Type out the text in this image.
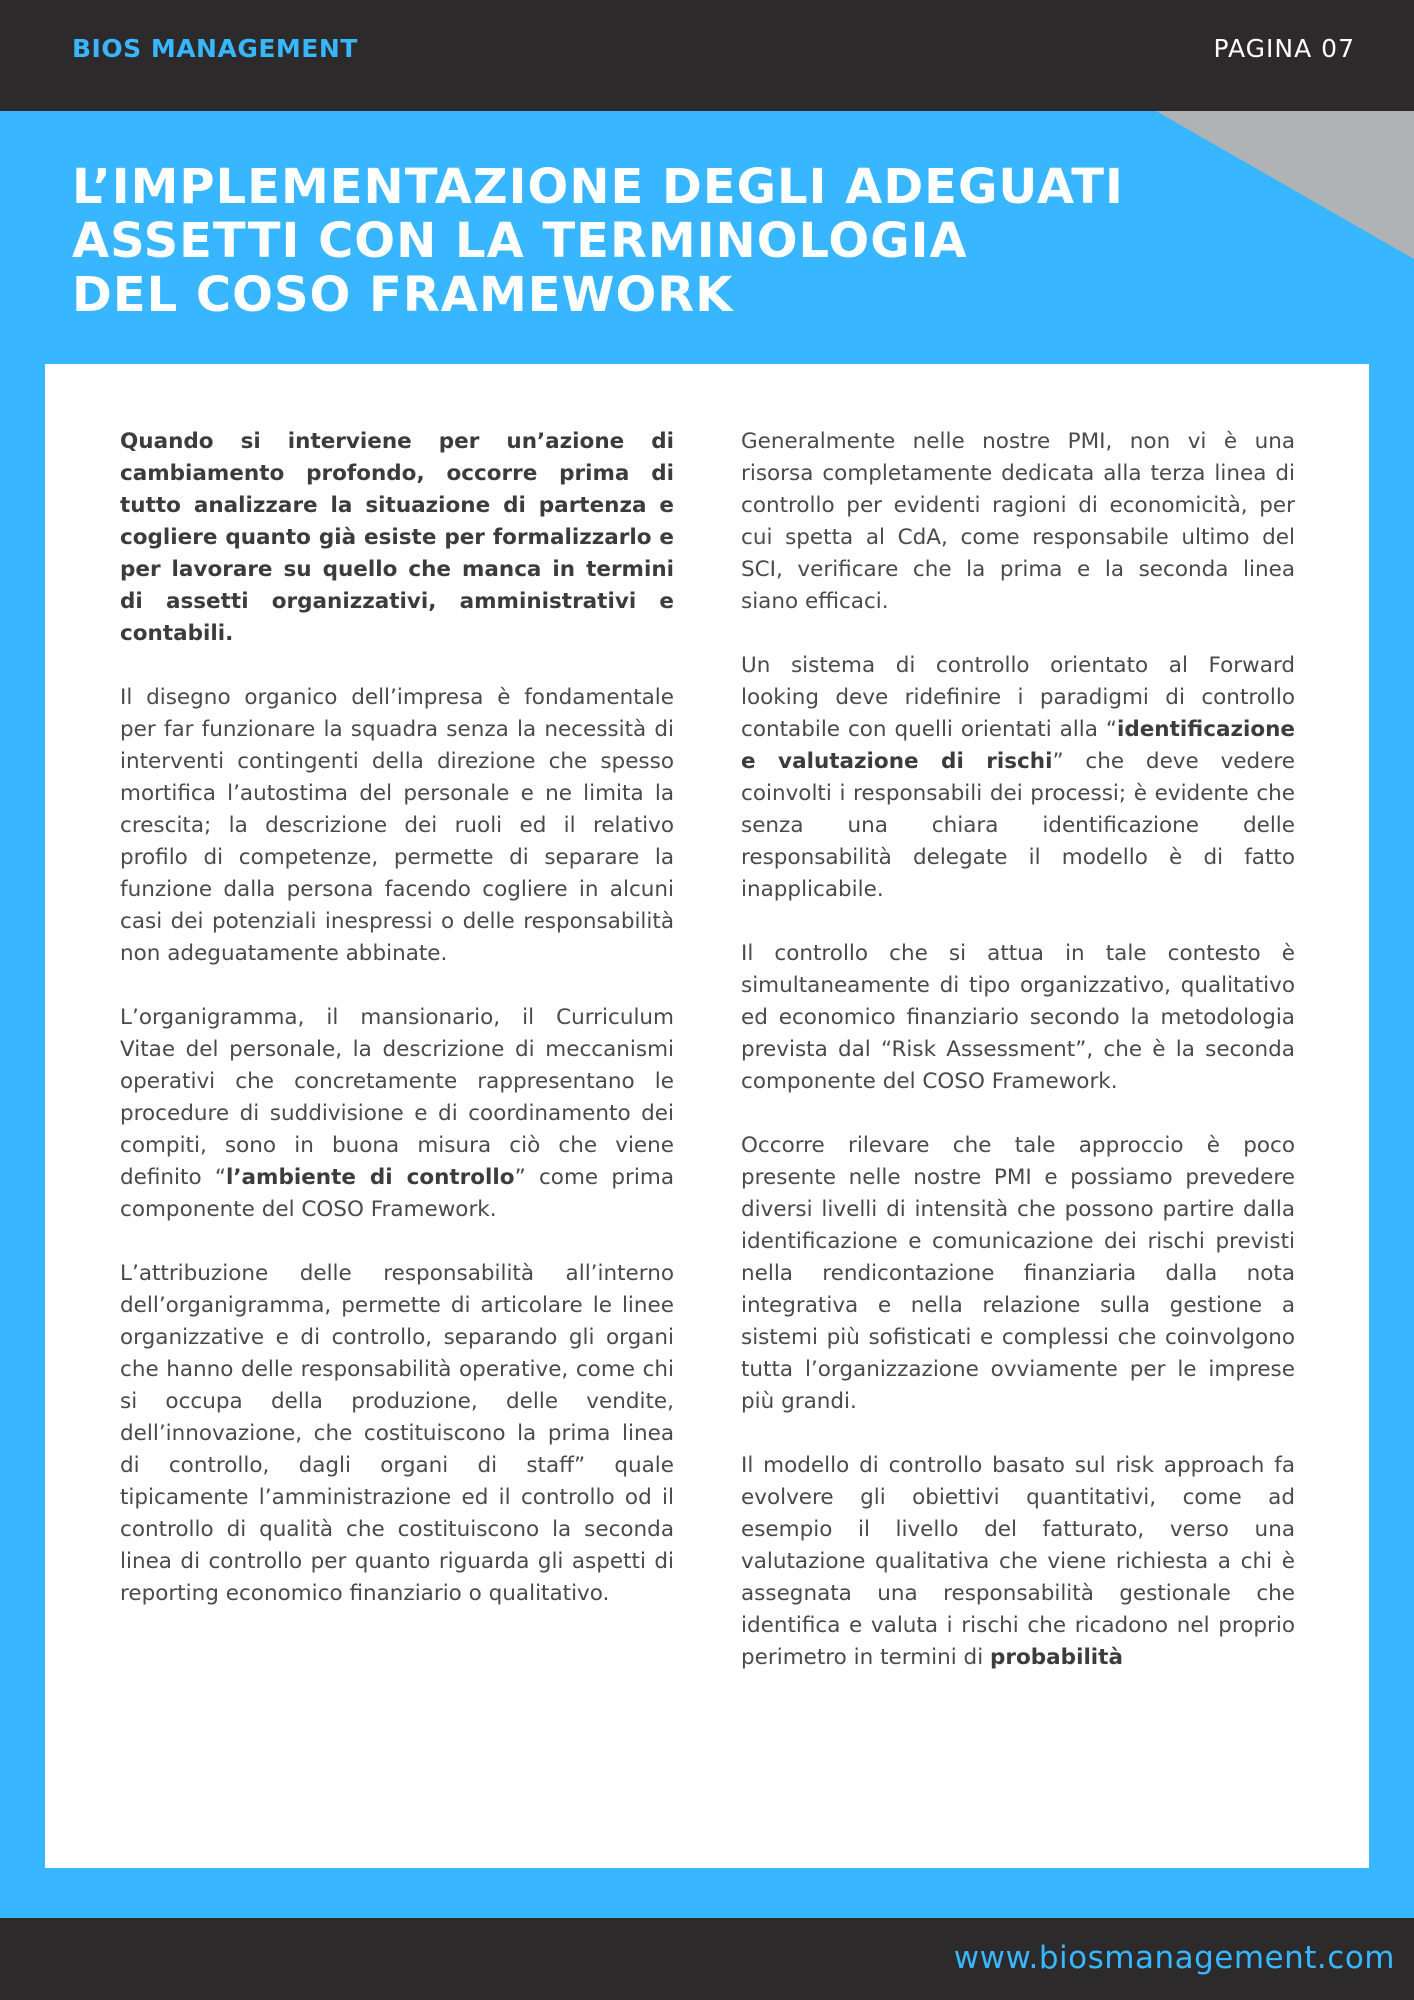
BIOS MANAGEMENT	PAGINA 07
L’IMPLEMENTAZIONE DEGLI ADEGUATI
ASSETTI CON LA TERMINOLOGIA
DEL COSO FRAMEWORK

Quando si interviene per un’azione di cambiamento profondo, occorre prima di tutto analizzare la situazione di partenza e cogliere quanto già esiste per formalizzarlo e per lavorare su quello che manca in termini di assetti organizzativi, amministrativi e contabili.

Il disegno organico dell’impresa è fondamentale per far funzionare la squadra senza la necessità di interventi contingenti della direzione che spesso mortifica l’autostima del personale e ne limita la crescita; la descrizione dei ruoli ed il relativo profilo di competenze, permette di separare la funzione dalla persona facendo cogliere in alcuni casi dei potenziali inespressi o delle responsabilità non adeguatamente abbinate.

L’organigramma, il mansionario, il Curriculum Vitae del personale, la descrizione di meccanismi operativi che concretamente rappresentano le procedure di suddivisione e di coordinamento dei compiti, sono in buona misura ciò che viene definito “l’ambiente di controllo” come prima componente del COSO Framework.

L’attribuzione delle responsabilità all’interno dell’organigramma, permette di articolare le linee organizzative e di controllo, separando gli organi che hanno delle responsabilità operative, come chi si occupa della produzione, delle vendite, dell’innovazione, che costituiscono la prima linea di controllo, dagli organi di staff” quale tipicamente l’amministrazione ed il controllo od il controllo di qualità che costituiscono la seconda linea di controllo per quanto riguarda gli aspetti di reporting economico finanziario o qualitativo.

Generalmente nelle nostre PMI, non vi è una risorsa completamente dedicata alla terza linea di controllo per evidenti ragioni di economicità, per cui spetta al CdA, come responsabile ultimo del SCI, verificare che la prima e la seconda linea siano efficaci.

Un sistema di controllo orientato al Forward looking deve ridefinire i paradigmi di controllo contabile con quelli orientati alla “identificazione e valutazione di rischi” che deve vedere coinvolti i responsabili dei processi; è evidente che senza una chiara identificazione delle responsabilità delegate il modello è di fatto inapplicabile.

Il controllo che si attua in tale contesto è simultaneamente di tipo organizzativo, qualitativo ed economico finanziario secondo la metodologia prevista dal “Risk Assessment”, che è la seconda componente del COSO Framework.

Occorre rilevare che tale approccio è poco presente nelle nostre PMI e possiamo prevedere diversi livelli di intensità che possono partire dalla identificazione e comunicazione dei rischi previsti nella rendicontazione finanziaria dalla nota integrativa e nella relazione sulla gestione a sistemi più sofisticati e complessi che coinvolgono tutta l’organizzazione ovviamente per le imprese più grandi.

Il modello di controllo basato sul risk approach fa evolvere gli obiettivi quantitativi, come ad esempio il livello del fatturato, verso una valutazione qualitativa che viene richiesta a chi è assegnata una responsabilità gestionale che identifica e valuta i rischi che ricadono nel proprio perimetro in termini di probabilità

www.biosmanagement.com
